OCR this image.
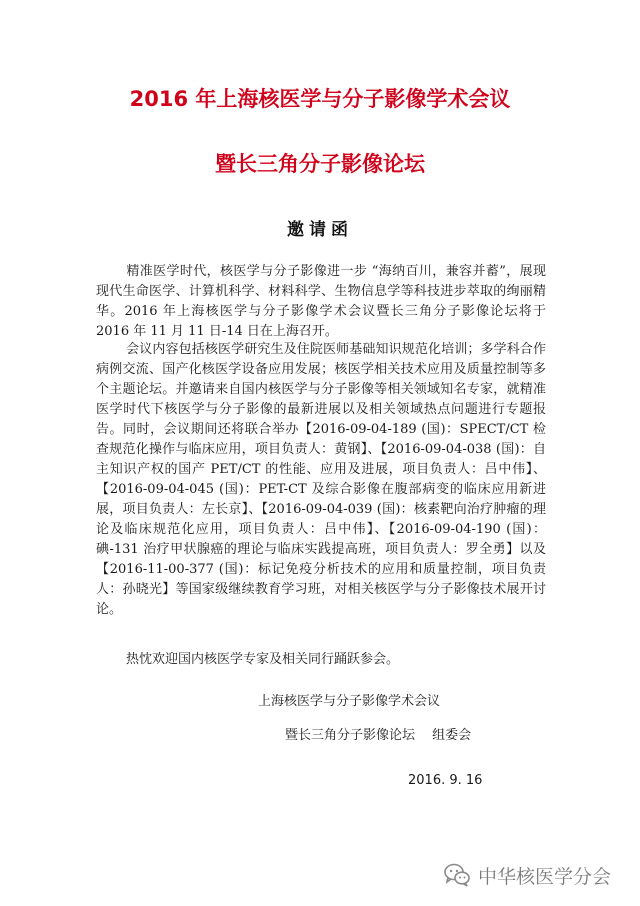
2016 年上海核医学与分子影像学术会议
暨长三角分子影像论坛
邀请函

精准医学时代，核医学与分子影像进一步 “海纳百川，兼容并蓄”，展现现代生命医学、计算机科学、材料科学、生物信息学等科技进步萃取的绚丽精华。2016 年上海核医学与分子影像学术会议暨长三角分子影像论坛将于 2016 年 11 月 11 日-14 日在上海召开。

会议内容包括核医学研究生及住院医师基础知识规范化培训；多学科合作病例交流、国产化核医学设备应用发展；核医学相关技术应用及质量控制等多个主题论坛。并邀请来自国内核医学与分子影像等相关领域知名专家，就精准医学时代下核医学与分子影像的最新进展以及相关领域热点问题进行专题报告。同时，会议期间还将联合举办【2016-09-04-189 (国)：SPECT/CT 检查规范化操作与临床应用，项目负责人：黄钢】、【2016-09-04-038 (国)：自主知识产权的国产 PET/CT 的性能、应用及进展，项目负责人：吕中伟】、【2016-09-04-045 (国)：PET-CT 及综合影像在腹部病变的临床应用新进展，项目负责人：左长京】、【2016-09-04-039 (国)：核素靶向治疗肿瘤的理论及临床规范化应用，项目负责人：吕中伟】、【2016-09-04-190 (国)：碘-131 治疗甲状腺癌的理论与临床实践提高班，项目负责人：罗全勇】以及【2016-11-00-377 (国)：标记免疫分析技术的应用和质量控制，项目负责人：孙晓光】等国家级继续教育学习班，对相关核医学与分子影像技术展开讨论。

热忱欢迎国内核医学专家及相关同行踊跃参会。

上海核医学与分子影像学术会议

暨长三角分子影像论坛　 组委会

2016. 9. 16

中华核医学分会
